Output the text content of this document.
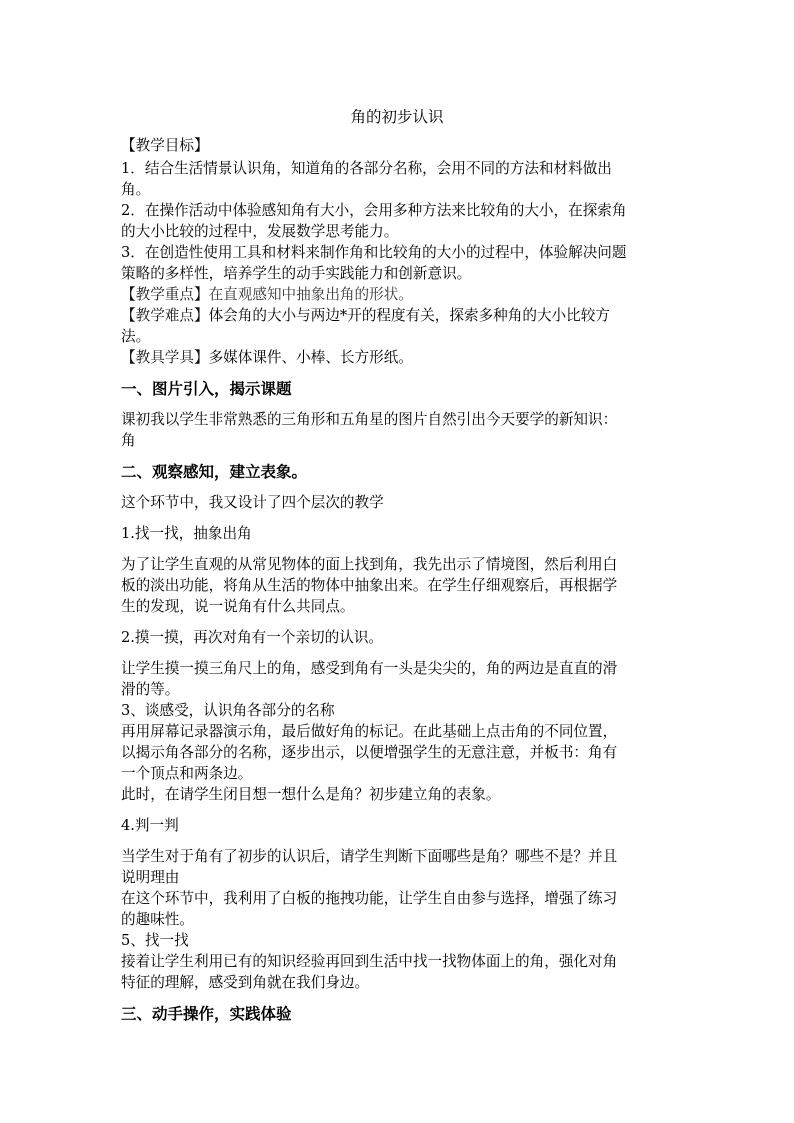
角的初步认识
【教学目标】
1．结合生活情景认识角，知道角的各部分名称，会用不同的方法和材料做出
角。
2．在操作活动中体验感知角有大小，会用多种方法来比较角的大小，在探索角
的大小比较的过程中，发展数学思考能力。
3．在创造性使用工具和材料来制作角和比较角的大小的过程中，体验解决问题
策略的多样性，培养学生的动手实践能力和创新意识。
【教学重点】在直观感知中抽象出角的形状。
【教学难点】体会角的大小与两边*开的程度有关，探索多种角的大小比较方
法。
【教具学具】多媒体课件、小棒、长方形纸。
一、图片引入，揭示课题
课初我以学生非常熟悉的三角形和五角星的图片自然引出今天要学的新知识：
角
二、观察感知，建立表象。
这个环节中，我又设计了四个层次的教学
1.找一找，抽象出角
为了让学生直观的从常见物体的面上找到角，我先出示了情境图，然后利用白
板的淡出功能，将角从生活的物体中抽象出来。在学生仔细观察后，再根据学
生的发现，说一说角有什么共同点。
2.摸一摸，再次对角有一个亲切的认识。
让学生摸一摸三角尺上的角，感受到角有一头是尖尖的，角的两边是直直的滑
滑的等。
3、谈感受，认识角各部分的名称
再用屏幕记录器演示角，最后做好角的标记。在此基础上点击角的不同位置，
以揭示角各部分的名称，逐步出示，以便增强学生的无意注意，并板书：角有
一个顶点和两条边。
此时，在请学生闭目想一想什么是角？初步建立角的表象。
4.判一判
当学生对于角有了初步的认识后，请学生判断下面哪些是角？哪些不是？并且
说明理由
在这个环节中，我利用了白板的拖拽功能，让学生自由参与选择，增强了练习
的趣味性。
5、找一找
接着让学生利用已有的知识经验再回到生活中找一找物体面上的角，强化对角
特征的理解，感受到角就在我们身边。
三、动手操作，实践体验
